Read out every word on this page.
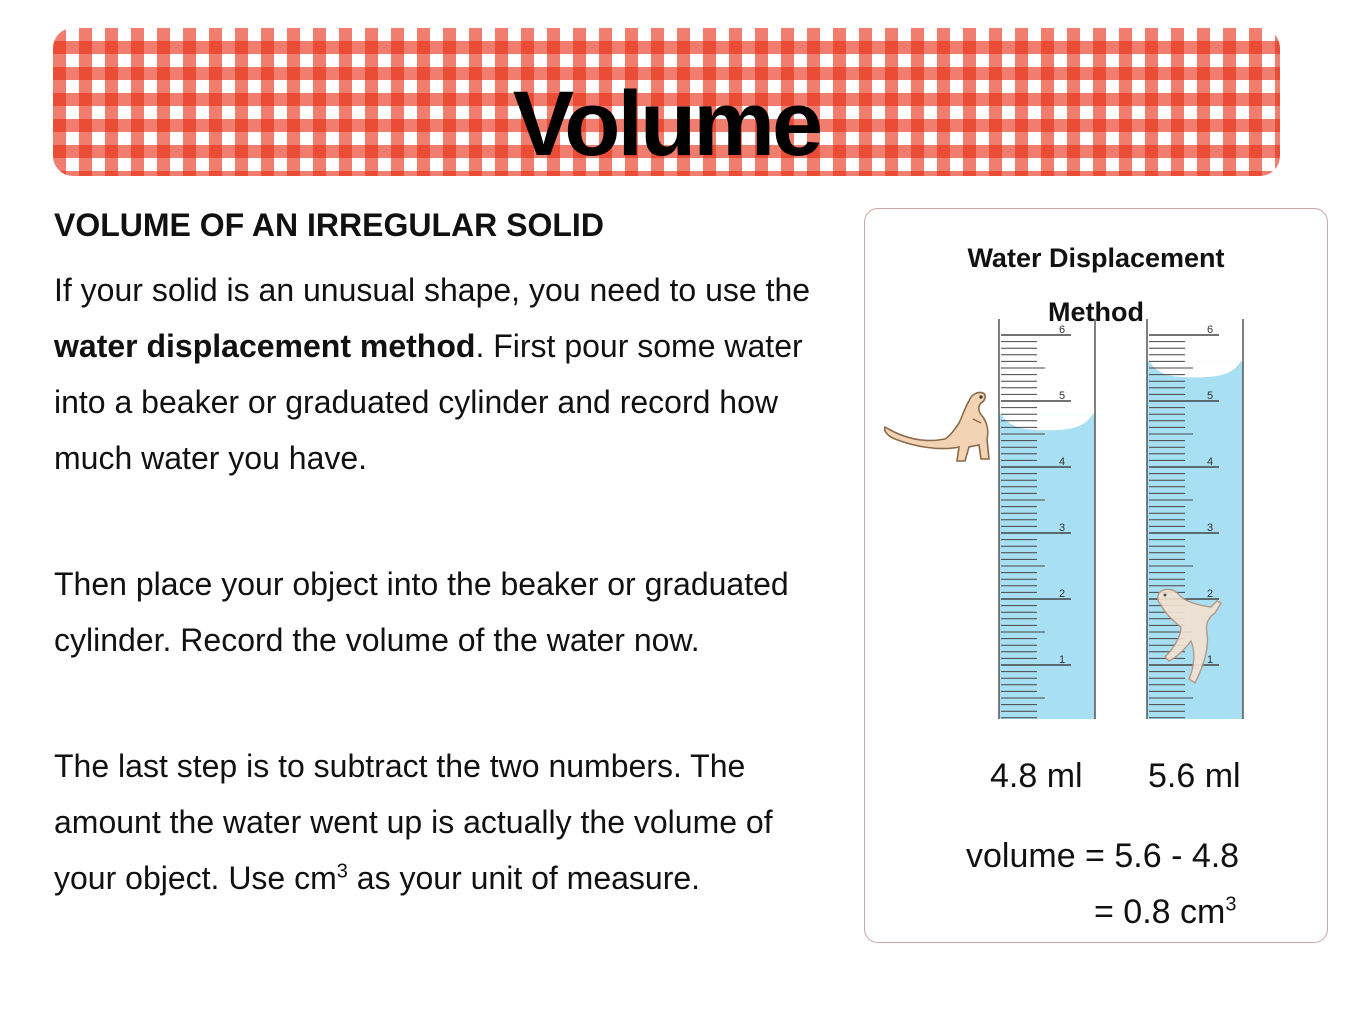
Volume
VOLUME OF AN IRREGULAR SOLID

If your solid is an unusual shape, you need to use the water displacement method. First pour some water into a beaker or graduated cylinder and record how much water you have.

Then place your object into the beaker or graduated cylinder. Record the volume of the water now.

The last step is to subtract the two numbers. The amount the water went up is actually the volume of your object. Use $cm^3$ as your unit of measure.

Water Displacement
Method
1
2
3
4
5
6
1
2
3
4
5
6
4.8 ml 5.6 ml
volume = 5.6 - 4.8
= 0.8 $cm^3$
